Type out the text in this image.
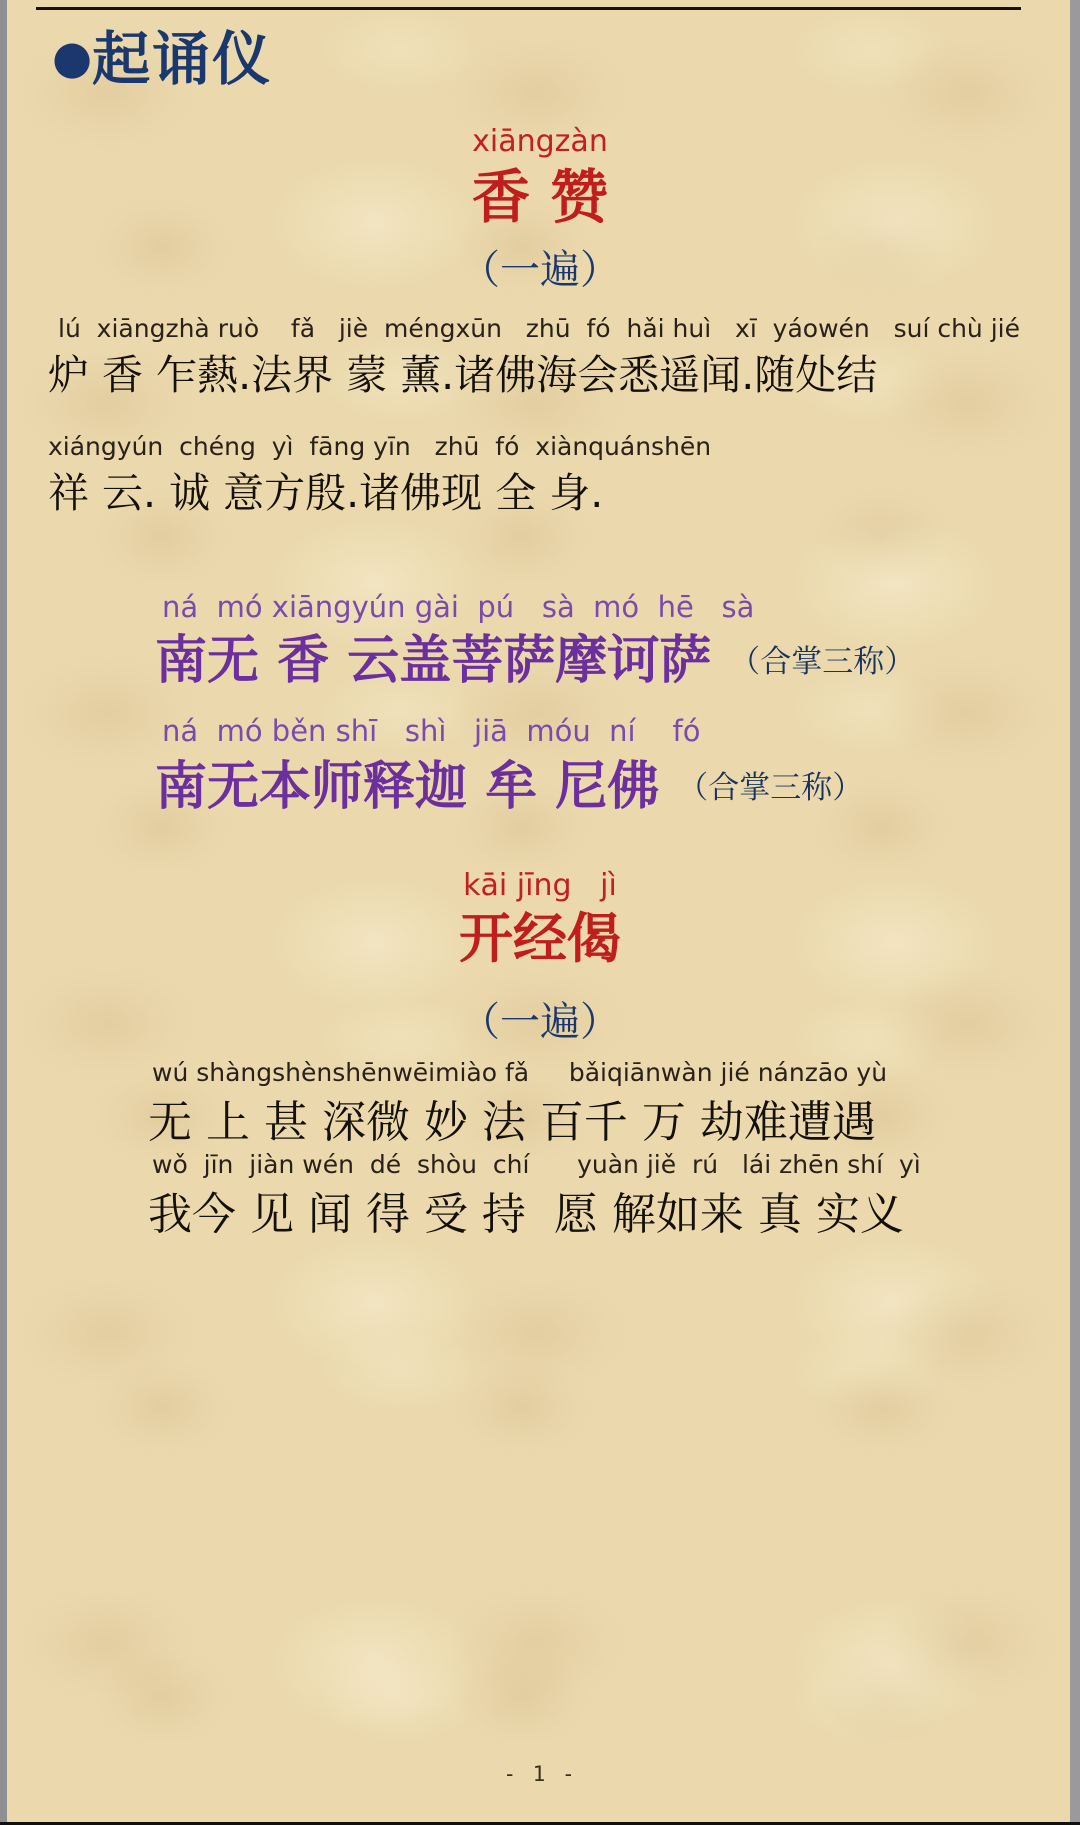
●起诵仪
xiāngzàn
香 赞
（一遍）
lú  xiāngzhà ruò    fǎ   jiè  méngxūn   zhū  fó  hǎi huì   xī  yáowén   suí chù jié
炉 香 乍爇.法界 蒙 薰.诸佛海会悉遥闻.随处结
xiángyún  chéng  yì  fāng yīn   zhū  fó  xiànquánshēn
祥 云. 诚 意方殷.诸佛现 全 身.
ná  mó xiāngyún gài  pú   sà  mó  hē   sà
南无 香 云盖菩萨摩诃萨 （合掌三称）
ná  mó běn shī   shì   jiā  móu  ní    fó
南无本师释迦 牟 尼佛 （合掌三称）
kāi jīng   jì
开经偈
（一遍）
wú shàngshènshēnwēimiào fǎ     bǎiqiānwàn jié nánzāo yù
无 上 甚 深微 妙 法 百千 万 劫难遭遇
wǒ  jīn  jiàn wén  dé  shòu  chí      yuàn jiě  rú   lái zhēn shí  yì
我今 见 闻 得 受 持  愿 解如来 真 实义
- 1 -
